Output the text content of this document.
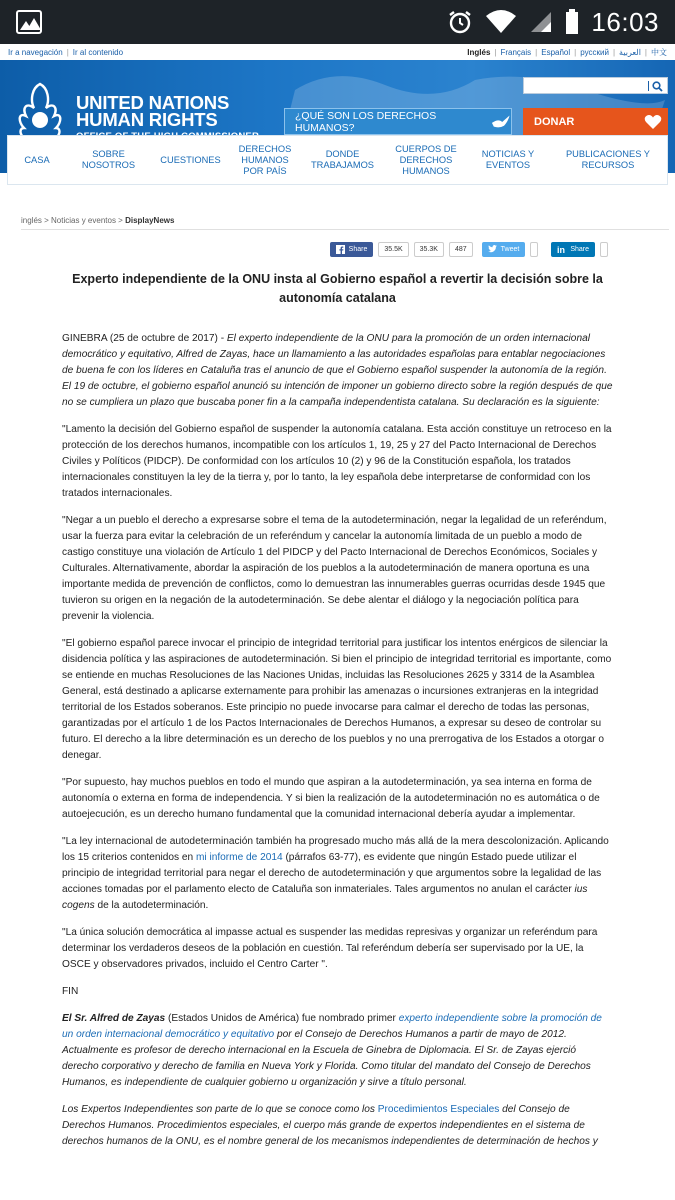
16:03
Ir a navegación | Ir al contenido	Inglés | Français | Español | русский | العربية | 中文
UNITED NATIONS
HUMAN RIGHTS	¿QUÉ SON LOS DERECHOS HUMANOS?	DONAR
CASA
SOBRE NOSOTROS
CUESTIONES
DERECHOS HUMANOS POR PAÍS
DONDE TRABAJAMOS
CUERPOS DE DERECHOS HUMANOS
NOTICIAS Y EVENTOS
PUBLICACIONES Y RECURSOS
inglés > Noticias y eventos > DisplayNews
Share	35.5K	35.3K	487	Tweet	in Share
Experto independiente de la ONU insta al Gobierno español a revertir la decisión sobre la autonomía catalana

GINEBRA (25 de octubre de 2017) - El experto independiente de la ONU para la promoción de un orden internacional democrático y equitativo, Alfred de Zayas, hace un llamamiento a las autoridades españolas para entablar negociaciones de buena fe con los líderes en Cataluña tras el anuncio de que el Gobierno español suspender la autonomía de la región. El 19 de octubre, el gobierno español anunció su intención de imponer un gobierno directo sobre la región después de que no se cumpliera un plazo que buscaba poner fin a la campaña independentista catalana. Su declaración es la siguiente:

"Lamento la decisión del Gobierno español de suspender la autonomía catalana. Esta acción constituye un retroceso en la protección de los derechos humanos, incompatible con los artículos 1, 19, 25 y 27 del Pacto Internacional de Derechos Civiles y Políticos (PIDCP). De conformidad con los artículos 10 (2) y 96 de la Constitución española, los tratados internacionales constituyen la ley de la tierra y, por lo tanto, la ley española debe interpretarse de conformidad con los tratados internacionales.

"Negar a un pueblo el derecho a expresarse sobre el tema de la autodeterminación, negar la legalidad de un referéndum, usar la fuerza para evitar la celebración de un referéndum y cancelar la autonomía limitada de un pueblo a modo de castigo constituye una violación de Artículo 1 del PIDCP y del Pacto Internacional de Derechos Económicos, Sociales y Culturales. Alternativamente, abordar la aspiración de los pueblos a la autodeterminación de manera oportuna es una importante medida de prevención de conflictos, como lo demuestran las innumerables guerras ocurridas desde 1945 que tuvieron su origen en la negación de la autodeterminación. Se debe alentar el diálogo y la negociación política para prevenir la violencia.

"El gobierno español parece invocar el principio de integridad territorial para justificar los intentos enérgicos de silenciar la disidencia política y las aspiraciones de autodeterminación. Si bien el principio de integridad territorial es importante, como se entiende en muchas Resoluciones de las Naciones Unidas, incluidas las Resoluciones 2625 y 3314 de la Asamblea General, está destinado a aplicarse externamente para prohibir las amenazas o incursiones extranjeras en la integridad territorial de los Estados soberanos. Este principio no puede invocarse para calmar el derecho de todas las personas, garantizadas por el artículo 1 de los Pactos Internacionales de Derechos Humanos, a expresar su deseo de controlar su futuro. El derecho a la libre determinación es un derecho de los pueblos y no una prerrogativa de los Estados a otorgar o denegar.

"Por supuesto, hay muchos pueblos en todo el mundo que aspiran a la autodeterminación, ya sea interna en forma de autonomía o externa en forma de independencia. Y si bien la realización de la autodeterminación no es automática o de autoejecución, es un derecho humano fundamental que la comunidad internacional debería ayudar a implementar.

"La ley internacional de autodeterminación también ha progresado mucho más allá de la mera descolonización. Aplicando los 15 criterios contenidos en mi informe de 2014 (párrafos 63-77), es evidente que ningún Estado puede utilizar el principio de integridad territorial para negar el derecho de autodeterminación y que argumentos sobre la legalidad de las acciones tomadas por el parlamento electo de Cataluña son inmateriales. Tales argumentos no anulan el carácter ius cogens de la autodeterminación.

"La única solución democrática al impasse actual es suspender las medidas represivas y organizar un referéndum para determinar los verdaderos deseos de la población en cuestión. Tal referéndum debería ser supervisado por la UE, la OSCE y observadores privados, incluido el Centro Carter ".

FIN

El Sr. Alfred de Zayas (Estados Unidos de América) fue nombrado primer experto independiente sobre la promoción de un orden internacional democrático y equitativo por el Consejo de Derechos Humanos a partir de mayo de 2012. Actualmente es profesor de derecho internacional en la Escuela de Ginebra de Diplomacia. El Sr. de Zayas ejerció derecho corporativo y derecho de familia en Nueva York y Florida. Como titular del mandato del Consejo de Derechos Humanos, es independiente de cualquier gobierno u organización y sirve a título personal.

Los Expertos Independientes son parte de lo que se conoce como los Procedimientos Especiales del Consejo de Derechos Humanos. Procedimientos especiales, el cuerpo más grande de expertos independientes en el sistema de derechos humanos de la ONU, es el nombre general de los mecanismos independientes de determinación de hechos y
